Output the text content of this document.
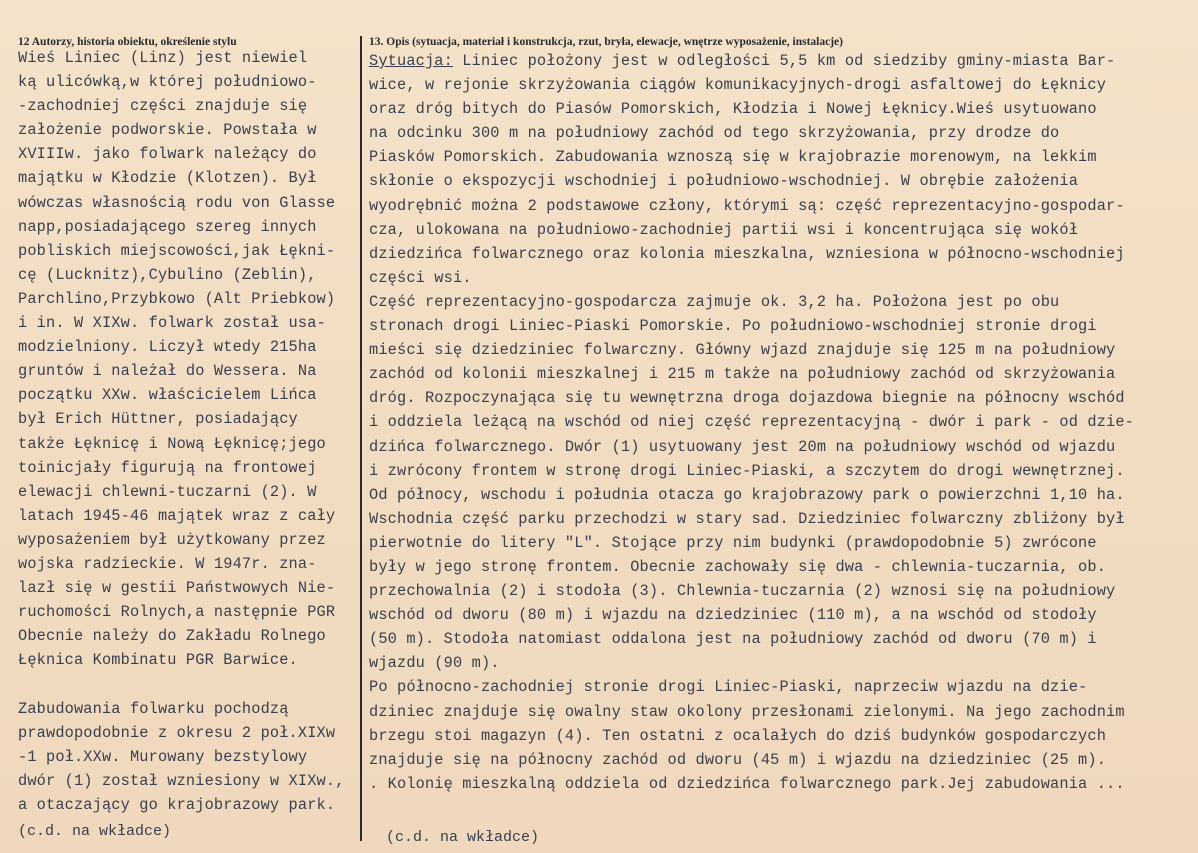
12 Autorzy, historia obiektu, określenie stylu	13. Opis (sytuacja, materiał i konstrukcja, rzut, bryła, elewacje, wnętrze wyposażenie, instalacje)
Wieś Liniec (Linz) jest niewiel
ką ulicówką,w której południowo-
-zachodniej części znajduje się
założenie podworskie. Powstała w
XVIIIw. jako folwark należący do
majątku w Kłodzie (Klotzen). Był
wówczas własnością rodu von Glasse
napp,posiadającego szereg innych
pobliskich miejscowości,jak Łękni-
cę (Lucknitz),Cybulino (Zeblin),
Parchlino,Przybkowo (Alt Priebkow)
i in. W XIXw. folwark został usa-
modzielniony. Liczył wtedy 215ha
gruntów i należał do Wessera. Na
początku XXw. właścicielem Lińca
był Erich Hüttner, posiadający
także Łęknicę i Nową Łęknicę;jego
toinicjały figurują na frontowej
elewacji chlewni-tuczarni (2). W
latach 1945-46 majątek wraz z cały
wyposażeniem był użytkowany przez
wojska radzieckie. W 1947r. zna-
lazł się w gestii Państwowych Nie-
ruchomości Rolnych,a następnie PGR
Obecnie należy do Zakładu Rolnego
Łęknica Kombinatu PGR Barwice.
Zabudowania folwarku pochodzą
prawdopodobnie z okresu 2 poł.XIXw
-1 poł.XXw. Murowany bezstylowy
dwór (1) został wzniesiony w XIXw.,
a otaczający go krajobrazowy park.
Sytuacja: Liniec położony jest w odległości 5,5 km od siedziby gminy-miasta Bar-
wice, w rejonie skrzyżowania ciągów komunikacyjnych-drogi asfaltowej do Łęknicy
oraz dróg bitych do Piasów Pomorskich, Kłodzia i Nowej Łęknicy.Wieś usytuowano
na odcinku 300 m na południowy zachód od tego skrzyżowania, przy drodze do
Piasków Pomorskich. Zabudowania wznoszą się w krajobrazie morenowym, na lekkim
skłonie o ekspozycji wschodniej i południowo-wschodniej. W obrębie założenia
wyodrębnić można 2 podstawowe człony, którymi są: część reprezentacyjno-gospodar-
cza, ulokowana na południowo-zachodniej partii wsi i koncentrująca się wokół
dziedzińca folwarcznego oraz kolonia mieszkalna, wzniesiona w północno-wschodniej
części wsi.
Część reprezentacyjno-gospodarcza zajmuje ok. 3,2 ha. Położona jest po obu
stronach drogi Liniec-Piaski Pomorskie. Po południowo-wschodniej stronie drogi
mieści się dziedziniec folwarczny. Główny wjazd znajduje się 125 m na południowy
zachód od kolonii mieszkalnej i 215 m także na południowy zachód od skrzyżowania
dróg. Rozpoczynająca się tu wewnętrzna droga dojazdowa biegnie na północny wschód
i oddziela leżącą na wschód od niej część reprezentacyjną - dwór i park - od dzie-
dzińca folwarcznego. Dwór (1) usytuowany jest 20m na południowy wschód od wjazdu
i zwrócony frontem w stronę drogi Liniec-Piaski, a szczytem do drogi wewnętrznej.
Od północy, wschodu i południa otacza go krajobrazowy park o powierzchni 1,10 ha.
Wschodnia część parku przechodzi w stary sad. Dziedziniec folwarczny zbliżony był
pierwotnie do litery "L". Stojące przy nim budynki (prawdopodobnie 5) zwrócone
były w jego stronę frontem. Obecnie zachowały się dwa - chlewnia-tuczarnia, ob.
przechowalnia (2) i stodoła (3). Chlewnia-tuczarnia (2) wznosi się na południowy
wschód od dworu (80 m) i wjazdu na dziedziniec (110 m), a na wschód od stodoły
(50 m). Stodoła natomiast oddalona jest na południowy zachód od dworu (70 m) i
wjazdu (90 m).
Po północno-zachodniej stronie drogi Liniec-Piaski, naprzeciw wjazdu na dzie-
dziniec znajduje się owalny staw okolony przesłonami zielonymi. Na jego zachodnim
brzegu stoi magazyn (4). Ten ostatni z ocalałych do dziś budynków gospodarczych
znajduje się na północny zachód od dworu (45 m) i wjazdu na dziedziniec (25 m).
. Kolonię mieszkalną oddziela od dziedzińca folwarcznego park.Jej zabudowania ...
(c.d. na wkładce)	(c.d. na wkładce)
